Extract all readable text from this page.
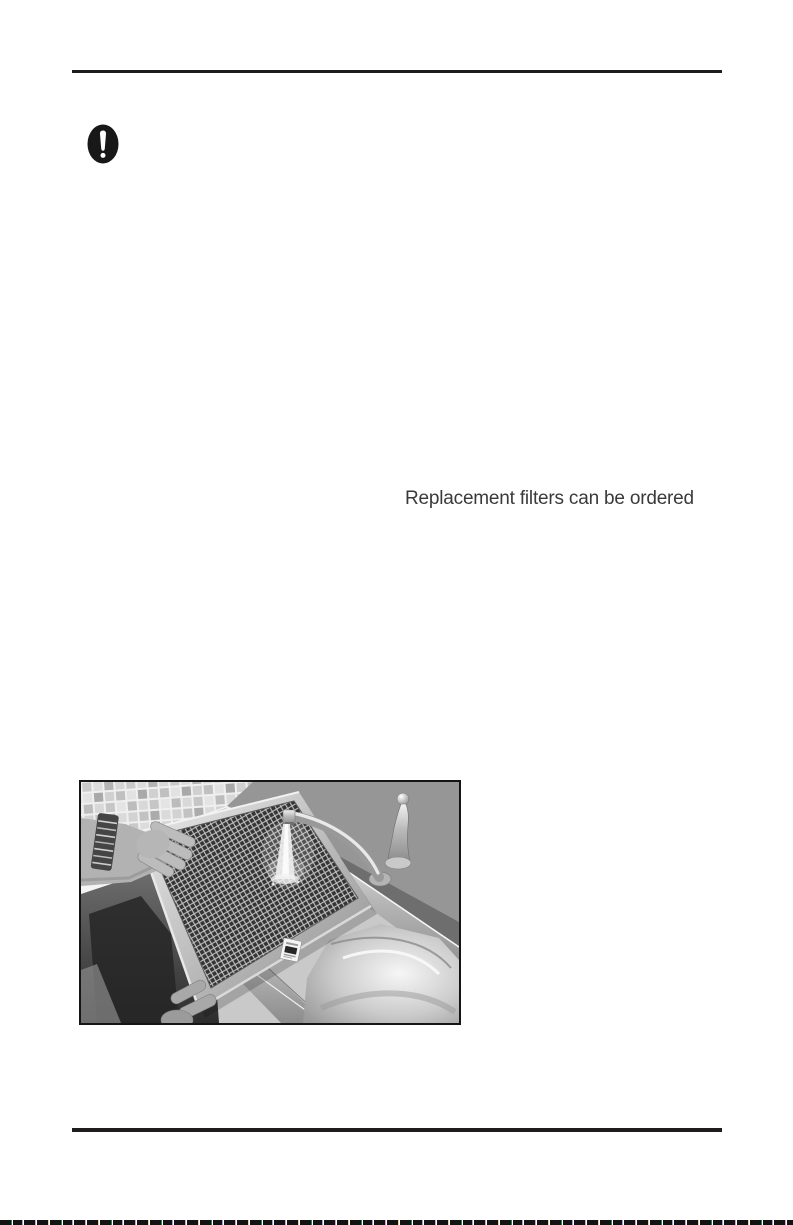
Replacement filters can be ordered
